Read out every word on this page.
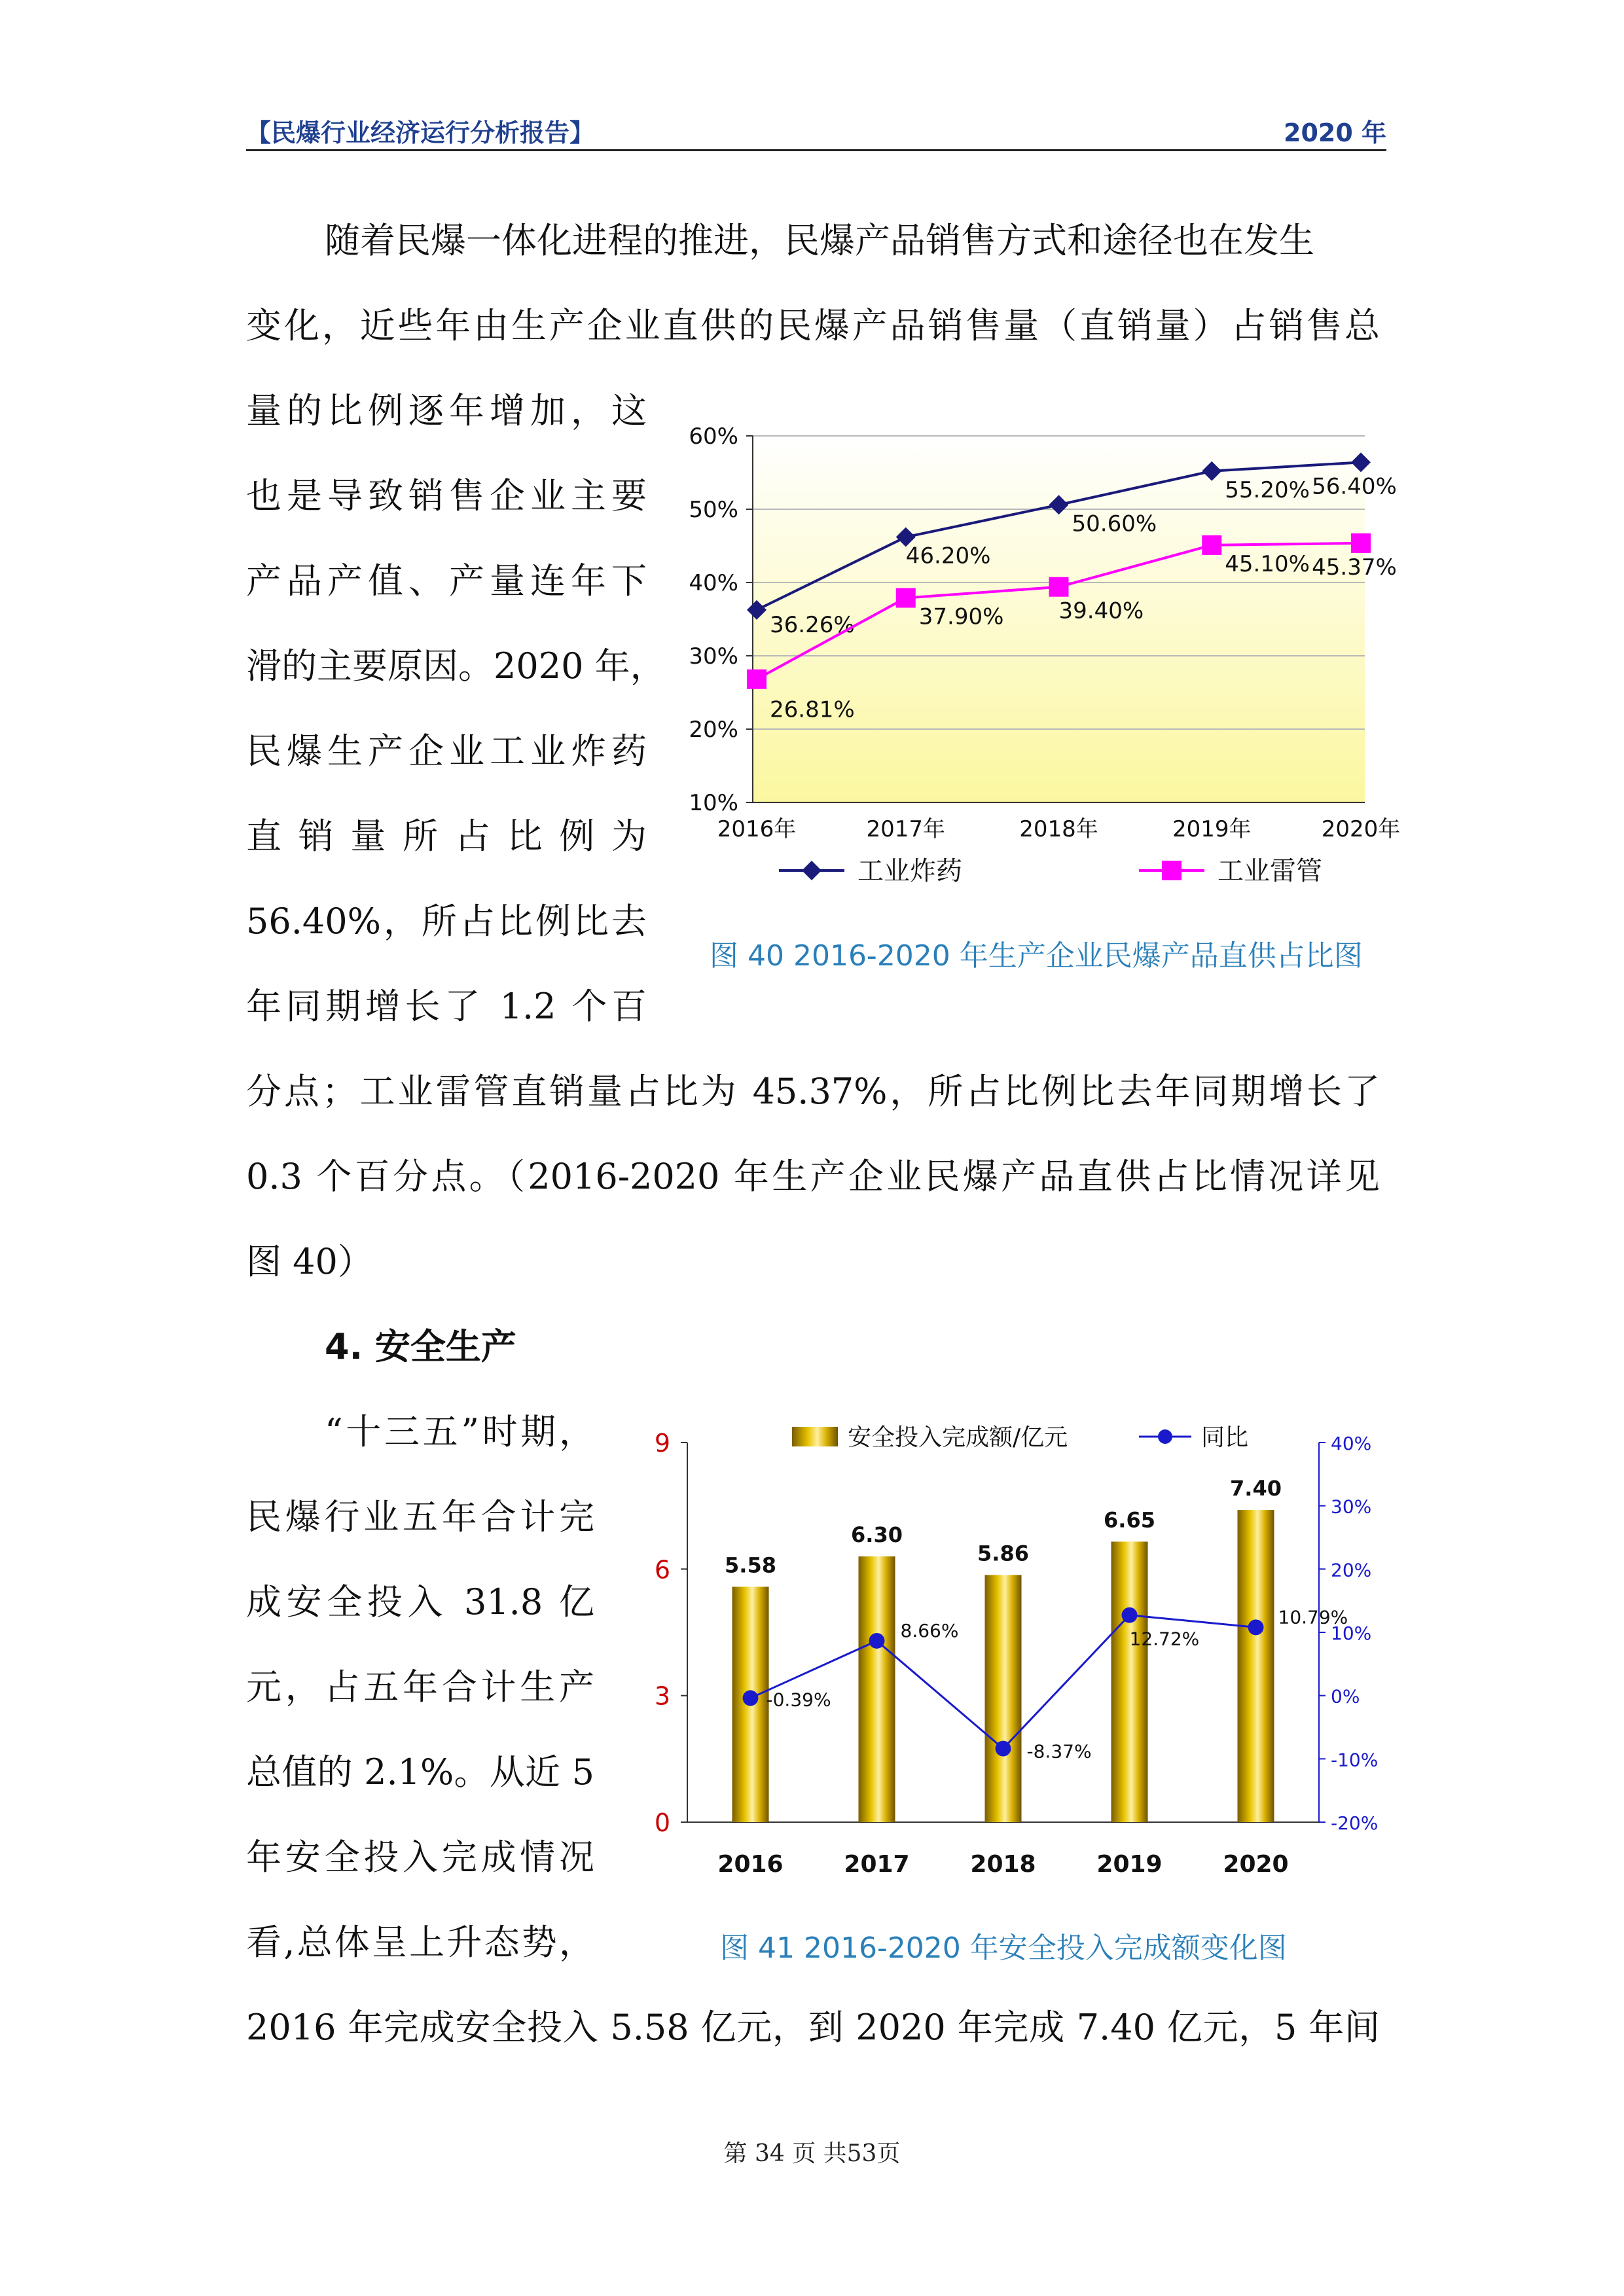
【民爆行业经济运行分析报告】	2020 年
随着民爆一体化进程的推进，民爆产品销售方式和途径也在发生
变化，近些年由生产企业直供的民爆产品销售量（直销量）占销售总
量的比例逐年增加，这
也是导致销售企业主要
产品产值、产量连年下
滑的主要原因。2020 年，
民爆生产企业工业炸药
直 销 量 所 占 比 例 为
56.40%，所占比例比去
年同期增长了 1.2 个百
分点；工业雷管直销量占比为 45.37%，所占比例比去年同期增长了
0.3 个百分点。（2016-2020 年生产企业民爆产品直供占比情况详见
图 40）
10%
20%
30%
40%
50%
60%
2016年	2017年	2018年	2019年	2020年
36.26%
46.20%
50.60%
55.20% 56.40%
26.81%
37.90% 39.40%
45.10% 45.37%
工业炸药	工业雷管
图 40 2016-2020 年生产企业民爆产品直供占比图
4. 安全生产
“十三五”时期，
民爆行业五年合计完
成安全投入 31.8 亿
元，占五年合计生产
总值的 2.1%。从近 5
年安全投入完成情况
看,总体呈上升态势，
2016 年完成安全投入 5.58 亿元，到 2020 年完成 7.40 亿元，5 年间
0
3
6
9
-20%
-10%
0%
10%
20%
30%
40%
5.58
6.30
5.86
6.65
7.40
-0.39%
8.66%
-8.37%
12.72%
10.79%
2016	2017	2018	2019	2020
安全投入完成额/亿元	同比
图 41 2016-2020 年安全投入完成额变化图
第 34 页 共53页
